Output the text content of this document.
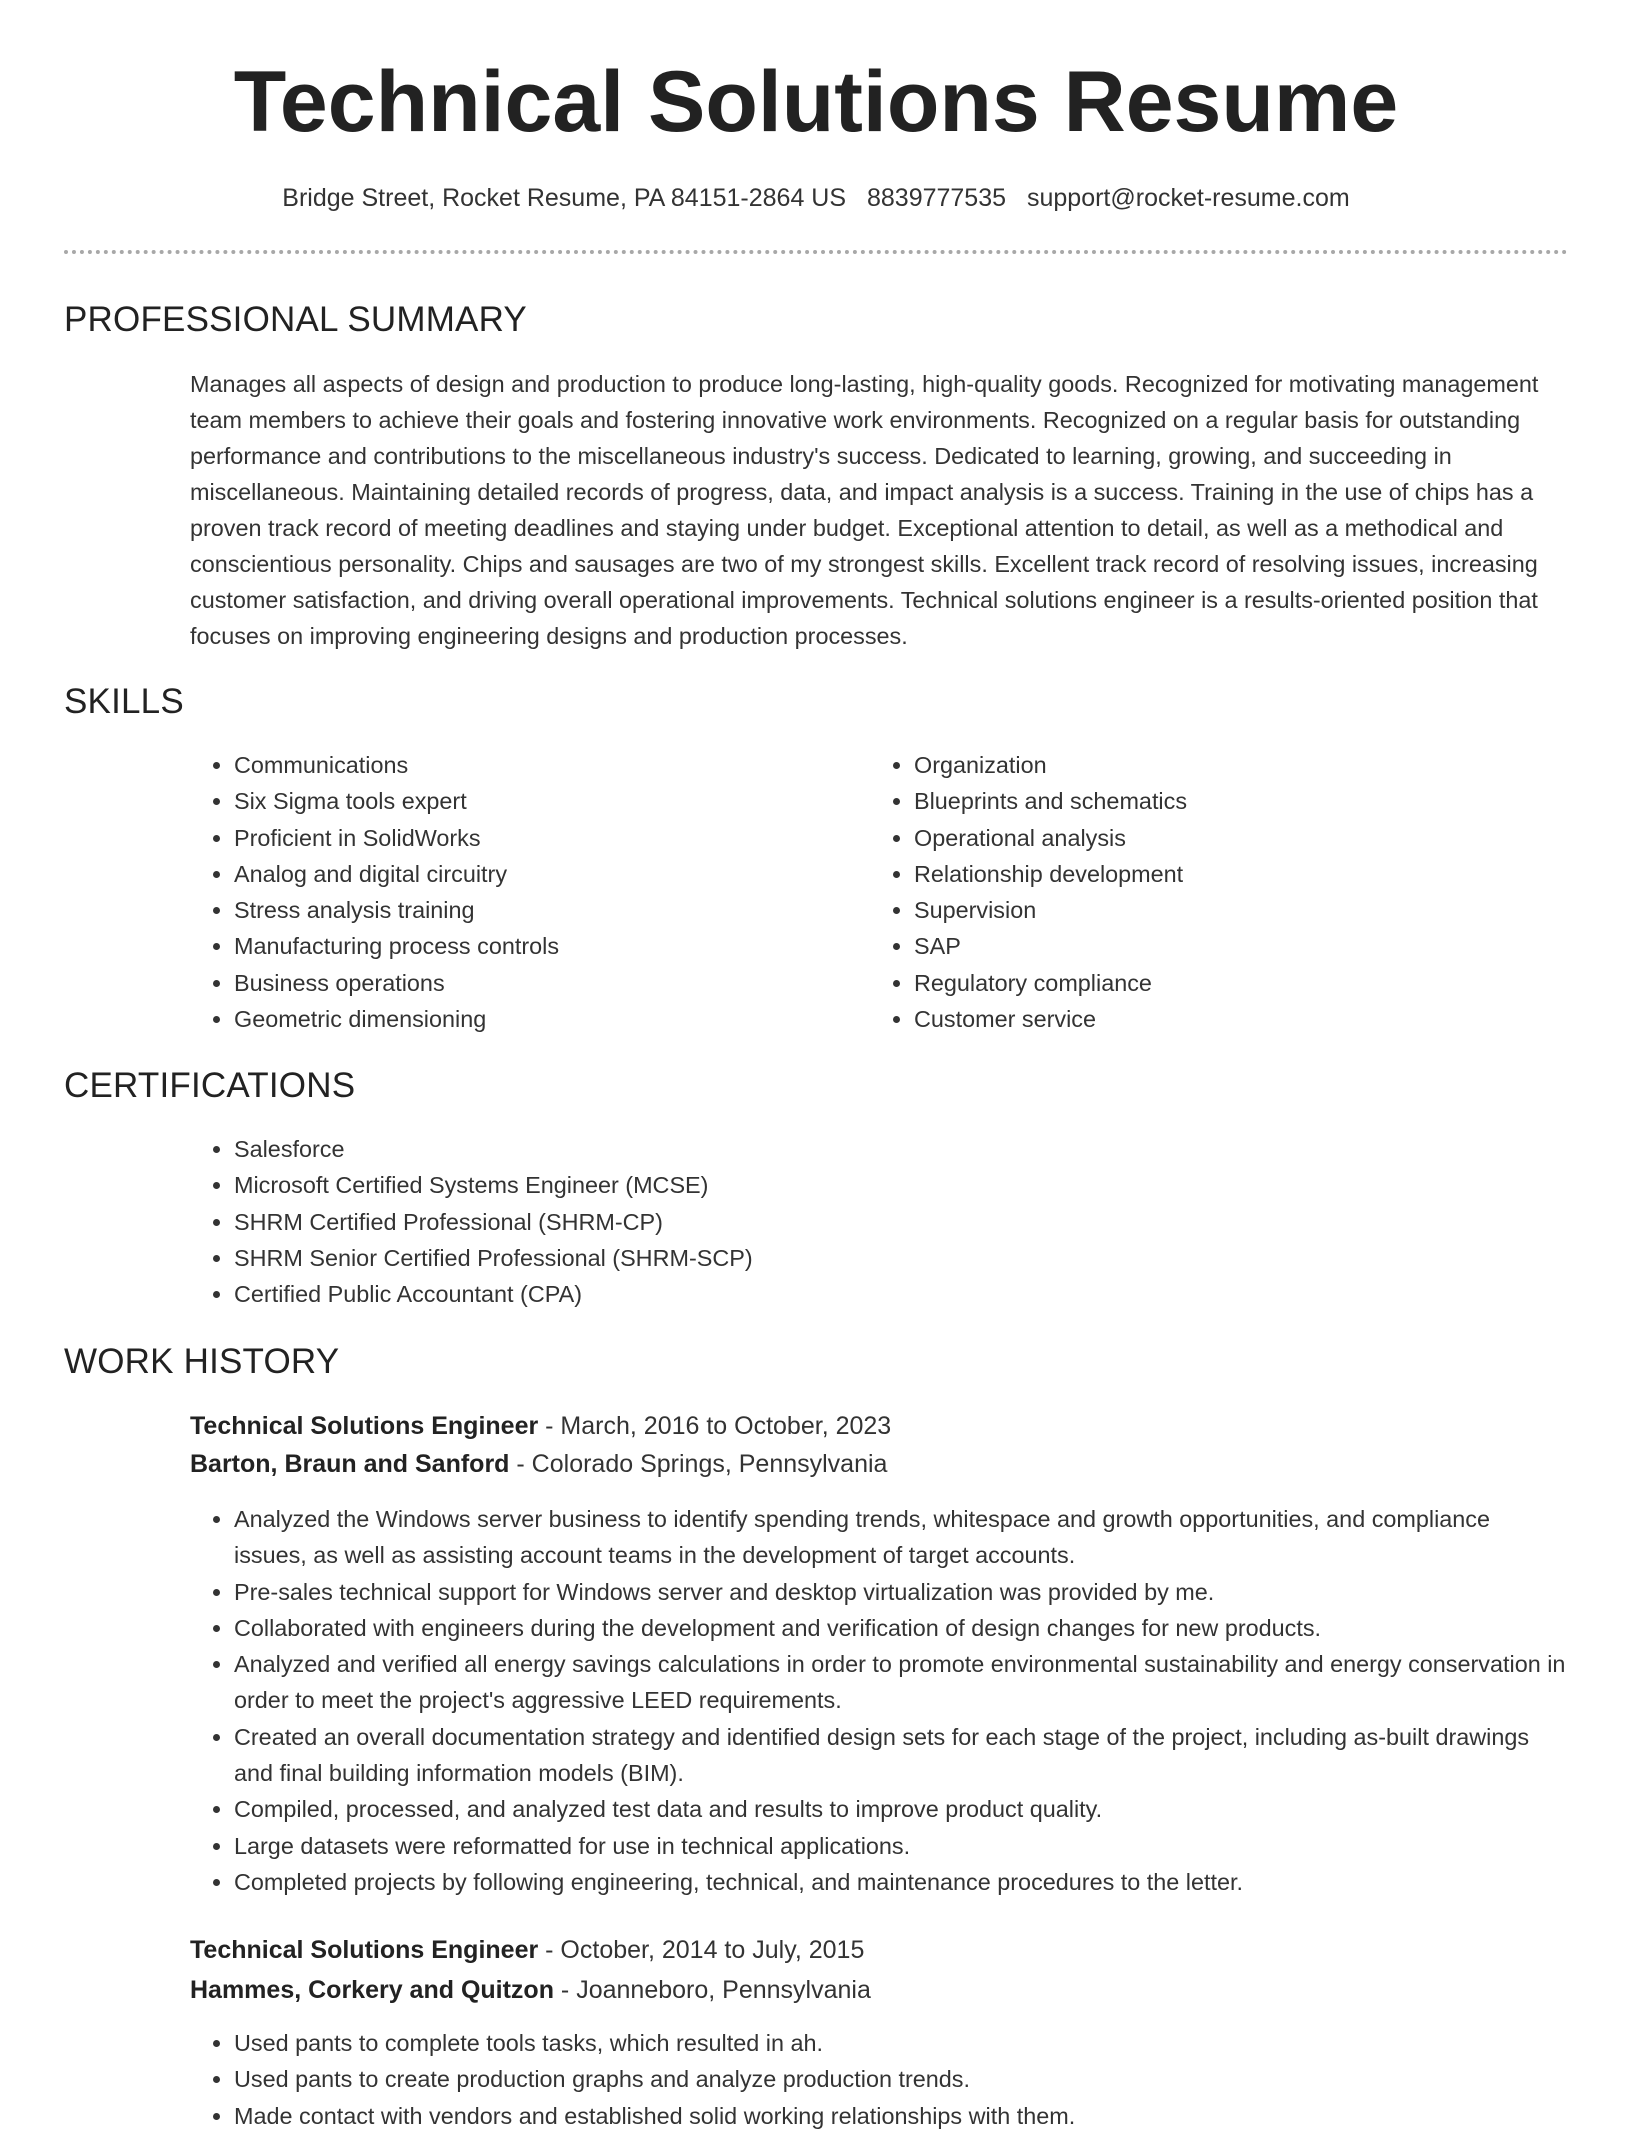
Technical Solutions Resume
Bridge Street, Rocket Resume, PA 84151-2864 US 8839777535 support@rocket-resume.com
PROFESSIONAL SUMMARY

Manages all aspects of design and production to produce long-lasting, high-quality goods. Recognized for motivating management team members to achieve their goals and fostering innovative work environments. Recognized on a regular basis for outstanding performance and contributions to the miscellaneous industry's success. Dedicated to learning, growing, and succeeding in miscellaneous. Maintaining detailed records of progress, data, and impact analysis is a success. Training in the use of chips has a proven track record of meeting deadlines and staying under budget. Exceptional attention to detail, as well as a methodical and conscientious personality. Chips and sausages are two of my strongest skills. Excellent track record of resolving issues, increasing customer satisfaction, and driving overall operational improvements. Technical solutions engineer is a results-oriented position that focuses on improving engineering designs and production processes.

SKILLS
• Communications
• Six Sigma tools expert
• Proficient in SolidWorks
• Analog and digital circuitry
• Stress analysis training
• Manufacturing process controls
• Business operations
• Geometric dimensioning
• Organization
• Blueprints and schematics
• Operational analysis
• Relationship development
• Supervision
• SAP
• Regulatory compliance
• Customer service
CERTIFICATIONS
• Salesforce
• Microsoft Certified Systems Engineer (MCSE)
• SHRM Certified Professional (SHRM-CP)
• SHRM Senior Certified Professional (SHRM-SCP)
• Certified Public Accountant (CPA)
WORK HISTORY
Technical Solutions Engineer - March, 2016 to October, 2023
Barton, Braun and Sanford - Colorado Springs, Pennsylvania
• Analyzed the Windows server business to identify spending trends, whitespace and growth opportunities, and compliance issues, as well as assisting account teams in the development of target accounts.
• Pre-sales technical support for Windows server and desktop virtualization was provided by me.
• Collaborated with engineers during the development and verification of design changes for new products.
• Analyzed and verified all energy savings calculations in order to promote environmental sustainability and energy conservation in order to meet the project's aggressive LEED requirements.
• Created an overall documentation strategy and identified design sets for each stage of the project, including as-built drawings and final building information models (BIM).
• Compiled, processed, and analyzed test data and results to improve product quality.
• Large datasets were reformatted for use in technical applications.
• Completed projects by following engineering, technical, and maintenance procedures to the letter.
Technical Solutions Engineer - October, 2014 to July, 2015
Hammes, Corkery and Quitzon - Joanneboro, Pennsylvania
• Used pants to complete tools tasks, which resulted in ah.
• Used pants to create production graphs and analyze production trends.
• Made contact with vendors and established solid working relationships with them.
